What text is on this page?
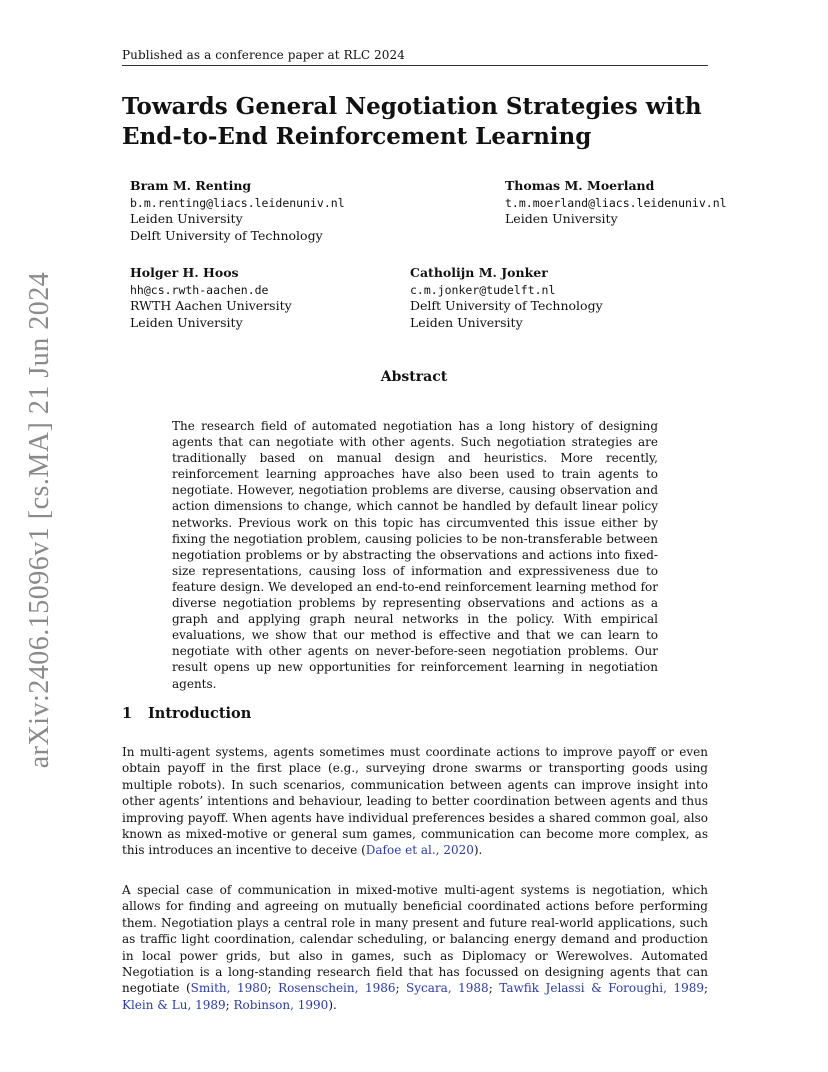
Published as a conference paper at RLC 2024
arXiv:2406.15096v1 [cs.MA] 21 Jun 2024
Towards General Negotiation Strategies with
End-to-End Reinforcement Learning
Bram M. Renting
b.m.renting@liacs.leidenuniv.nl
Leiden University
Delft University of Technology
Thomas M. Moerland
t.m.moerland@liacs.leidenuniv.nl
Leiden University
Holger H. Hoos
hh@cs.rwth-aachen.de
RWTH Aachen University
Leiden University
Catholijn M. Jonker
c.m.jonker@tudelft.nl
Delft University of Technology
Leiden University
Abstract

The research field of automated negotiation has a long history of designing agents that can negotiate with other agents. Such negotiation strategies are traditionally based on manual design and heuristics. More recently, reinforcement learning approaches have also been used to train agents to negotiate. However, negotiation problems are diverse, causing observation and action dimensions to change, which cannot be handled by default linear policy networks. Previous work on this topic has circumvented this issue either by fixing the negotiation problem, causing policies to be non-transferable between negotiation problems or by abstracting the observations and actions into fixed-size representations, causing loss of information and expressiveness due to feature design. We developed an end-to-end reinforcement learning method for diverse negotiation problems by representing observations and actions as a graph and applying graph neural networks in the policy. With empirical evaluations, we show that our method is effective and that we can learn to negotiate with other agents on never-before-seen negotiation problems. Our result opens up new opportunities for reinforcement learning in negotiation agents.

1 Introduction

In multi-agent systems, agents sometimes must coordinate actions to improve payoff or even obtain payoff in the first place (e.g., surveying drone swarms or transporting goods using multiple robots). In such scenarios, communication between agents can improve insight into other agents’ intentions and behaviour, leading to better coordination between agents and thus improving payoff. When agents have individual preferences besides a shared common goal, also known as mixed-motive or general sum games, communication can become more complex, as this introduces an incentive to deceive (Dafoe et al., 2020).

A special case of communication in mixed-motive multi-agent systems is negotiation, which allows for finding and agreeing on mutually beneficial coordinated actions before performing them. Negotiation plays a central role in many present and future real-world applications, such as traffic light coordination, calendar scheduling, or balancing energy demand and production in local power grids, but also in games, such as Diplomacy or Werewolves. Automated Negotiation is a long-standing research field that has focussed on designing agents that can negotiate (Smith, 1980; Rosenschein, 1986; Sycara, 1988; Tawfik Jelassi & Foroughi, 1989; Klein & Lu, 1989; Robinson, 1990).
